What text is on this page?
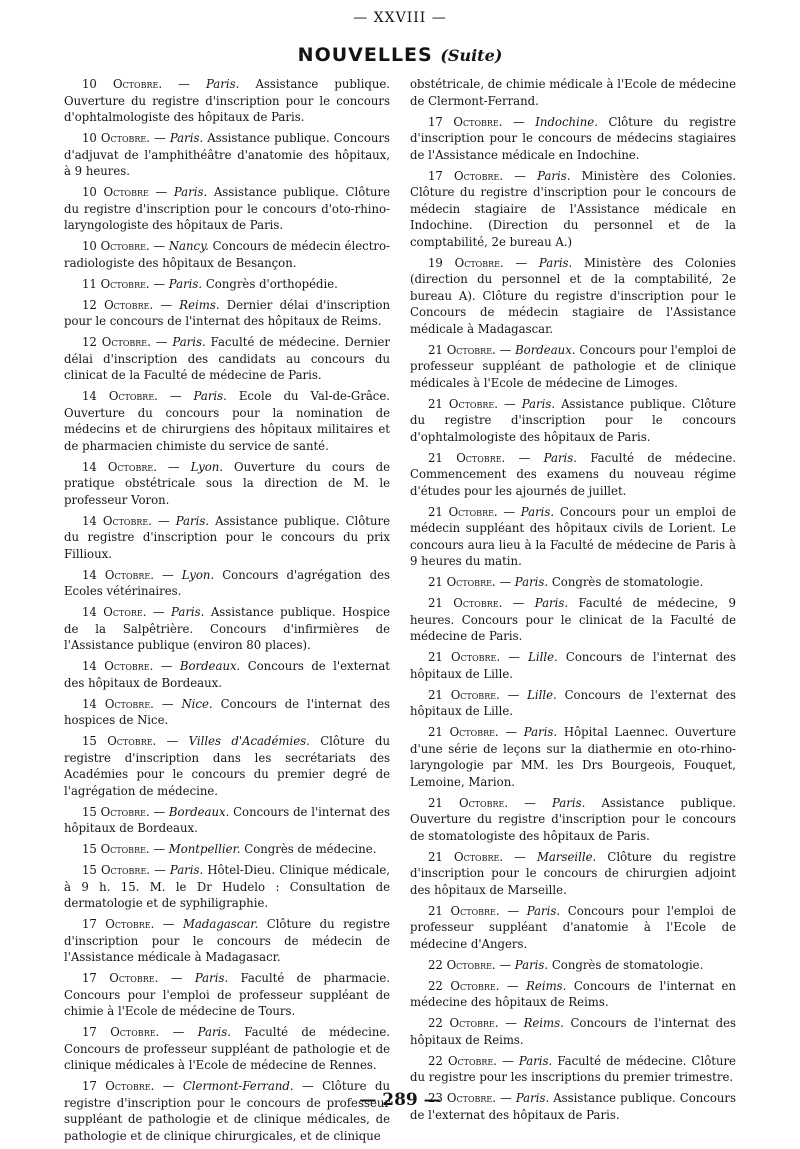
— XXVIII —
NOUVELLES (Suite)

10 Octobre. — Paris. Assistance publique. Ouverture du registre d'inscription pour le concours d'ophtalmologiste des hôpitaux de Paris.

10 Octobre. — Paris. Assistance publique. Concours d'adjuvat de l'amphithéâtre d'anatomie des hôpitaux, à 9 heures.

10 Octobre — Paris. Assistance publique. Clôture du registre d'inscription pour le concours d'oto-rhino-laryngologiste des hôpitaux de Paris.

10 Octobre. — Nancy. Concours de médecin électro-radiologiste des hôpitaux de Besançon.

11 Octobre. — Paris. Congrès d'orthopédie.

12 Octobre. — Reims. Dernier délai d'inscription pour le concours de l'internat des hôpitaux de Reims.

12 Octobre. — Paris. Faculté de médecine. Dernier délai d'inscription des candidats au concours du clinicat de la Faculté de médecine de Paris.

14 Octobre. — Paris. Ecole du Val-de-Grâce. Ouverture du concours pour la nomination de médecins et de chirurgiens des hôpitaux militaires et de pharmacien chimiste du service de santé.

14 Octobre. — Lyon. Ouverture du cours de pratique obstétricale sous la direction de M. le professeur Voron.

14 Octobre. — Paris. Assistance publique. Clôture du registre d'inscription pour le concours du prix Fillioux.

14 Octobre. — Lyon. Concours d'agrégation des Ecoles vétérinaires.

14 Octore. — Paris. Assistance publique. Hospice de la Salpêtrière. Concours d'infirmières de l'Assistance publique (environ 80 places).

14 Octobre. — Bordeaux. Concours de l'externat des hôpitaux de Bordeaux.

14 Octobre. — Nice. Concours de l'internat des hospices de Nice.

15 Octobre. — Villes d'Académies. Clôture du registre d'inscription dans les secrétariats des Académies pour le concours du premier degré de l'agrégation de médecine.

15 Octobre. — Bordeaux. Concours de l'internat des hôpitaux de Bordeaux.

15 Octobre. — Montpellier. Congrès de médecine.

15 Octobre. — Paris. Hôtel-Dieu. Clinique médicale, à 9 h. 15. M. le Dr Hudelo : Consultation de dermatologie et de syphiligraphie.

17 Octobre. — Madagascar. Clôture du registre d'inscription pour le concours de médecin de l'Assistance médicale à Madagasacr.

17 Octobre. — Paris. Faculté de pharmacie. Concours pour l'emploi de professeur suppléant de chimie à l'Ecole de médecine de Tours.

17 Octobre. — Paris. Faculté de médecine. Concours de professeur suppléant de pathologie et de clinique médicales à l'Ecole de médecine de Rennes.

17 Octobre. — Clermont-Ferrand. — Clôture du registre d'inscription pour le concours de professeur suppléant de pathologie et de clinique médicales, de pathologie et de clinique chirurgicales, et de clinique

obstétricale, de chimie médicale à l'Ecole de médecine de Clermont-Ferrand.

17 Octobre. — Indochine. Clôture du registre d'inscription pour le concours de médecins stagiaires de l'Assistance médicale en Indochine.

17 Octobre. — Paris. Ministère des Colonies. Clôture du registre d'inscription pour le concours de médecin stagiaire de l'Assistance médicale en Indochine. (Direction du personnel et de la comptabilité, 2e bureau A.)

19 Octobre. — Paris. Ministère des Colonies (direction du personnel et de la comptabilité, 2e bureau A). Clôture du registre d'inscription pour le Concours de médecin stagiaire de l'Assistance médicale à Madagascar.

21 Octobre. — Bordeaux. Concours pour l'emploi de professeur suppléant de pathologie et de clinique médicales à l'Ecole de médecine de Limoges.

21 Octobre. — Paris. Assistance publique. Clôture du registre d'inscription pour le concours d'ophtalmologiste des hôpitaux de Paris.

21 Octobre. — Paris. Faculté de médecine. Commencement des examens du nouveau régime d'études pour les ajournés de juillet.

21 Octobre. — Paris. Concours pour un emploi de médecin suppléant des hôpitaux civils de Lorient. Le concours aura lieu à la Faculté de médecine de Paris à 9 heures du matin.

21 Octobre. — Paris. Congrès de stomatologie.

21 Octobre. — Paris. Faculté de médecine, 9 heures. Concours pour le clinicat de la Faculté de médecine de Paris.

21 Octobre. — Lille. Concours de l'internat des hôpitaux de Lille.

21 Octobre. — Lille. Concours de l'externat des hôpitaux de Lille.

21 Octobre. — Paris. Hôpital Laennec. Ouverture d'une série de leçons sur la diathermie en oto-rhino-laryngologie par MM. les Drs Bourgeois, Fouquet, Lemoine, Marion.

21 Octobre. — Paris. Assistance publique. Ouverture du registre d'inscription pour le concours de stomatologiste des hôpitaux de Paris.

21 Octobre. — Marseille. Clôture du registre d'inscription pour le concours de chirurgien adjoint des hôpitaux de Marseille.

21 Octobre. — Paris. Concours pour l'emploi de professeur suppléant d'anatomie à l'Ecole de médecine d'Angers.

22 Octobre. — Paris. Congrès de stomatologie.

22 Octobre. — Reims. Concours de l'internat en médecine des hôpitaux de Reims.

22 Octobre. — Reims. Concours de l'internat des hôpitaux de Reims.

22 Octobre. — Paris. Faculté de médecine. Clôture du registre pour les inscriptions du premier trimestre.

23 Octobre. — Paris. Assistance publique. Concours de l'externat des hôpitaux de Paris.

— 289 —
